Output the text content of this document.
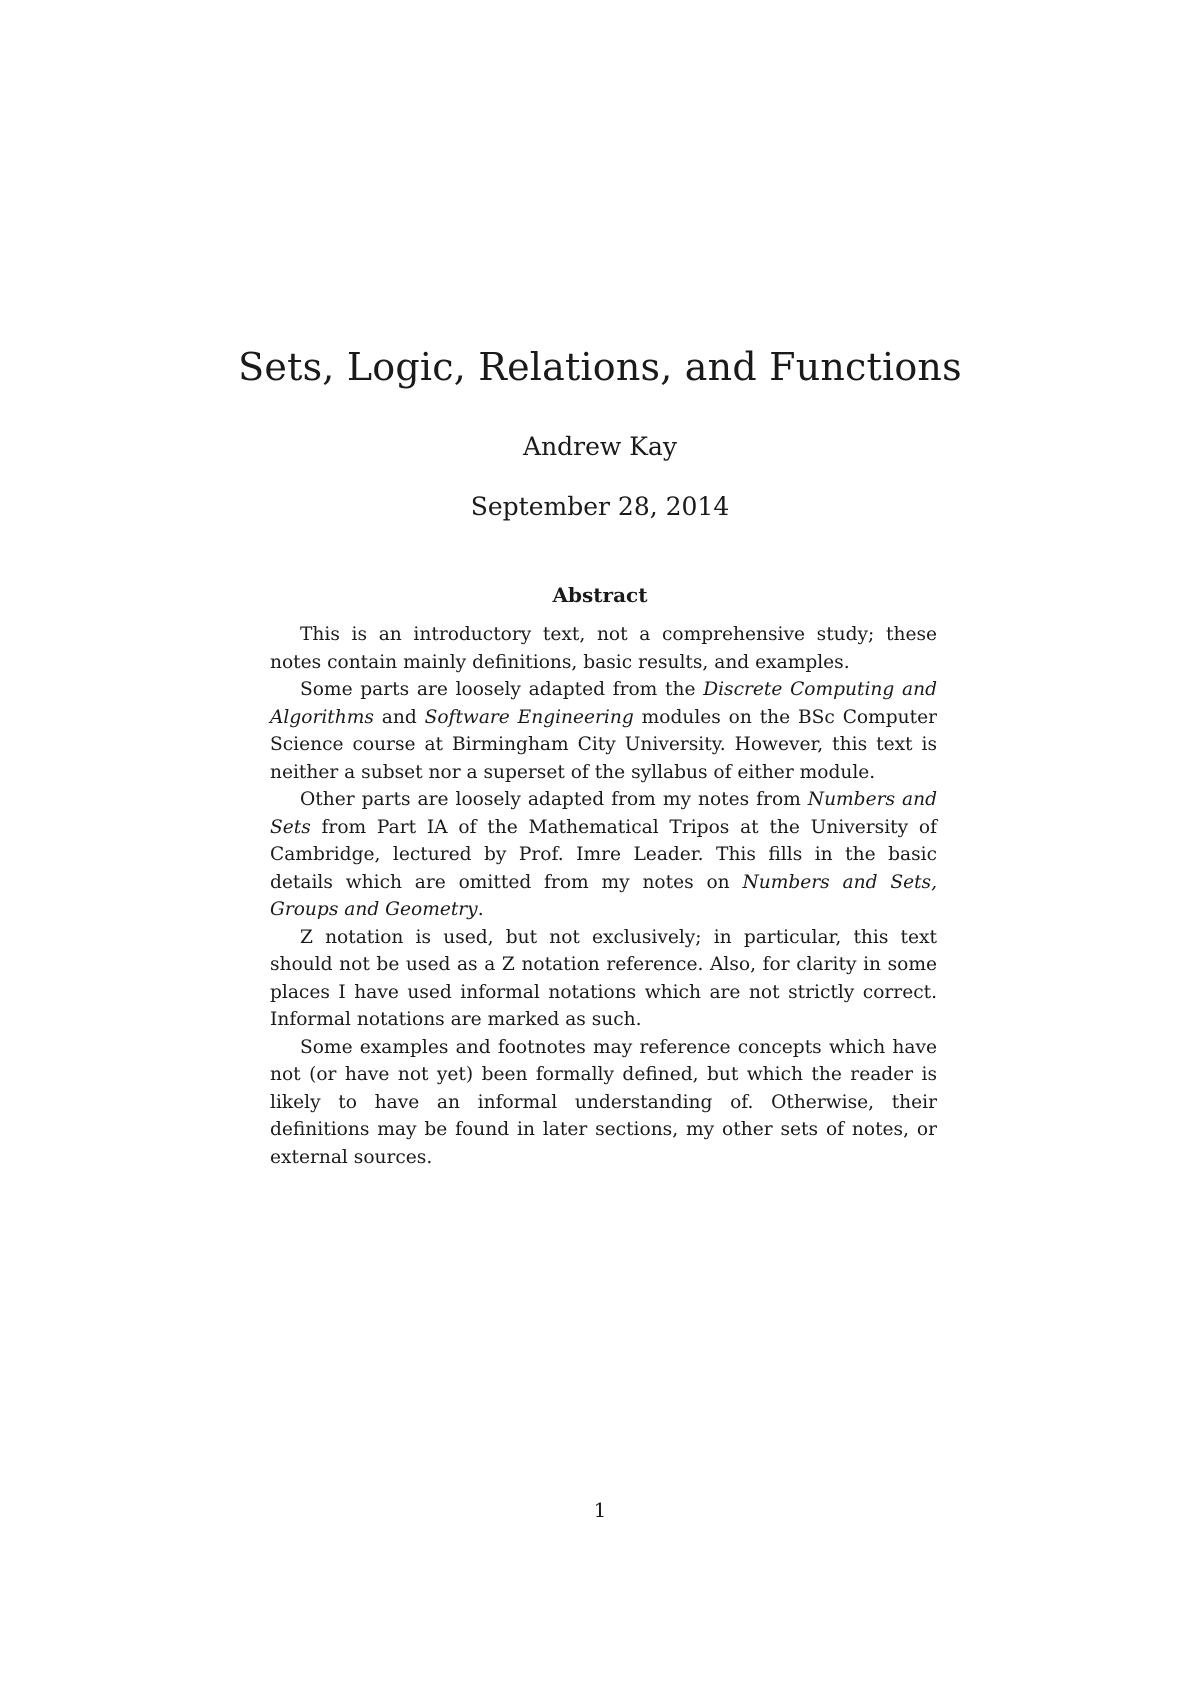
Sets, Logic, Relations, and Functions
Andrew Kay
September 28, 2014
Abstract

This is an introductory text, not a comprehensive study; these notes contain mainly definitions, basic results, and examples.

Some parts are loosely adapted from the Discrete Computing and Algorithms and Software Engineering modules on the BSc Computer Science course at Birmingham City University. However, this text is neither a subset nor a superset of the syllabus of either module.

Other parts are loosely adapted from my notes from Numbers and Sets from Part IA of the Mathematical Tripos at the University of Cambridge, lectured by Prof. Imre Leader. This fills in the basic details which are omitted from my notes on Numbers and Sets, Groups and Geometry.

Z notation is used, but not exclusively; in particular, this text should not be used as a Z notation reference. Also, for clarity in some places I have used informal notations which are not strictly correct. Informal notations are marked as such.

Some examples and footnotes may reference concepts which have not (or have not yet) been formally defined, but which the reader is likely to have an informal understanding of. Otherwise, their definitions may be found in later sections, my other sets of notes, or external sources.

1
